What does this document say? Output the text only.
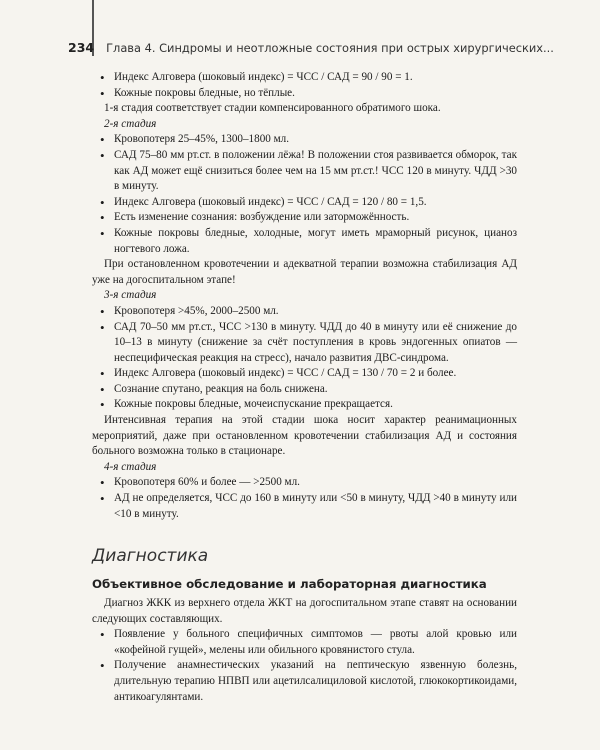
234 Глава 4. Синдромы и неотложные состояния при острых хирургических...
• Индекс Алговера (шоковый индекс) = ЧСС / САД = 90 / 90 = 1.
• Кожные покровы бледные, но тёплые.

1-я стадия соответствует стадии компенсированного обратимого шока.

2-я стадия

• Кровопотеря 25–45%, 1300–1800 мл.
• САД 75–80 мм рт.ст. в положении лёжа! В положении стоя развивается обморок, так как АД может ещё снизиться более чем на 15 мм рт.ст.! ЧСС 120 в минуту. ЧДД >30 в минуту.
• Индекс Алговера (шоковый индекс) = ЧСС / САД = 120 / 80 = 1,5.
• Есть изменение сознания: возбуждение или заторможённость.
• Кожные покровы бледные, холодные, могут иметь мраморный рисунок, цианоз ногтевого ложа.

При остановленном кровотечении и адекватной терапии возможна стабилизация АД уже на догоспитальном этапе!

3-я стадия

• Кровопотеря >45%, 2000–2500 мл.
• САД 70–50 мм рт.ст., ЧСС >130 в минуту. ЧДД до 40 в минуту или её снижение до 10–13 в минуту (снижение за счёт поступления в кровь эндогенных опиатов — неспецифическая реакция на стресс), начало развития ДВС-синдрома.
• Индекс Алговера (шоковый индекс) = ЧСС / САД = 130 / 70 = 2 и более.
• Сознание спутано, реакция на боль снижена.
• Кожные покровы бледные, мочеиспускание прекращается.

Интенсивная терапия на этой стадии шока носит характер реанимационных мероприятий, даже при остановленном кровотечении стабилизация АД и состояния больного возможна только в стационаре.

4-я стадия

• Кровопотеря 60% и более — >2500 мл.
• АД не определяется, ЧСС до 160 в минуту или <50 в минуту, ЧДД >40 в минуту или <10 в минуту.
Диагностика
Объективное обследование и лабораторная диагностика

Диагноз ЖКК из верхнего отдела ЖКТ на догоспитальном этапе ставят на основании следующих составляющих.

• Появление у больного специфичных симптомов — рвоты алой кровью или «кофейной гущей», мелены или обильного кровянистого стула.
• Получение анамнестических указаний на пептическую язвенную болезнь, длительную терапию НПВП или ацетилсалициловой кислотой, глюкокортикоидами, антикоагулянтами.
